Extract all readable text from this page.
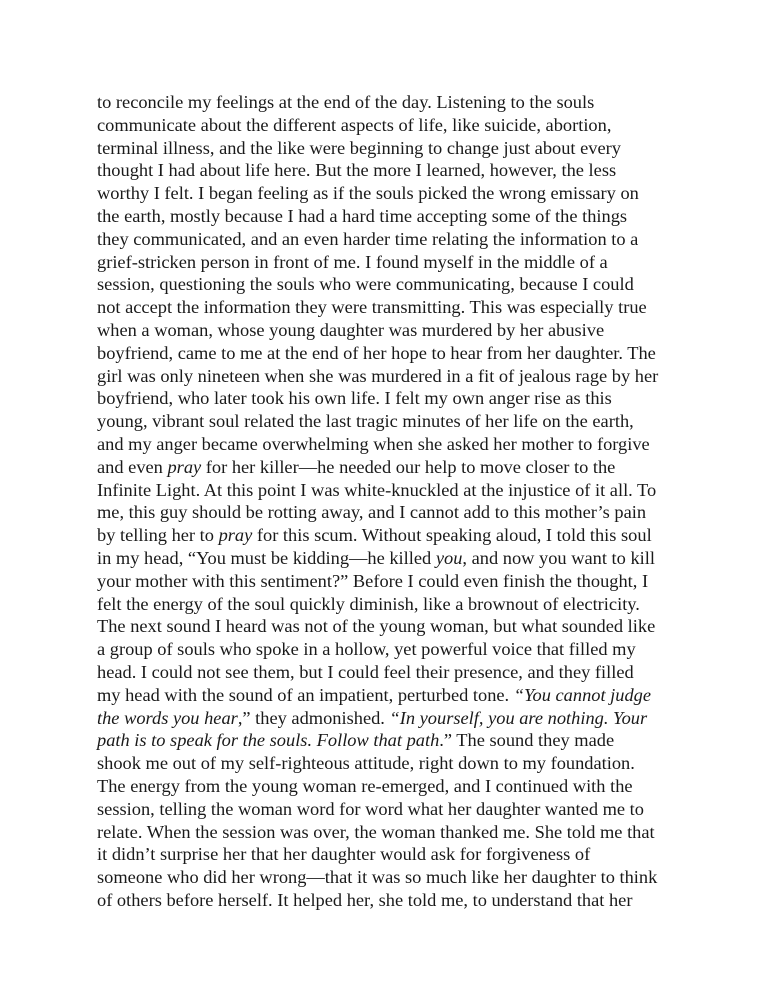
to reconcile my feelings at the end of the day. Listening to the souls
communicate about the different aspects of life, like suicide, abortion,
terminal illness, and the like were beginning to change just about every
thought I had about life here. But the more I learned, however, the less
worthy I felt. I began feeling as if the souls picked the wrong emissary on
the earth, mostly because I had a hard time accepting some of the things
they communicated, and an even harder time relating the information to a
grief-stricken person in front of me. I found myself in the middle of a
session, questioning the souls who were communicating, because I could
not accept the information they were transmitting. This was especially true
when a woman, whose young daughter was murdered by her abusive
boyfriend, came to me at the end of her hope to hear from her daughter. The
girl was only nineteen when she was murdered in a fit of jealous rage by her
boyfriend, who later took his own life. I felt my own anger rise as this
young, vibrant soul related the last tragic minutes of her life on the earth,
and my anger became overwhelming when she asked her mother to forgive
and even pray for her killer—he needed our help to move closer to the
Infinite Light. At this point I was white-knuckled at the injustice of it all. To
me, this guy should be rotting away, and I cannot add to this mother’s pain
by telling her to pray for this scum. Without speaking aloud, I told this soul
in my head, “You must be kidding—he killed you, and now you want to kill
your mother with this sentiment?” Before I could even finish the thought, I
felt the energy of the soul quickly diminish, like a brownout of electricity.
The next sound I heard was not of the young woman, but what sounded like
a group of souls who spoke in a hollow, yet powerful voice that filled my
head. I could not see them, but I could feel their presence, and they filled
my head with the sound of an impatient, perturbed tone. “You cannot judge
the words you hear,” they admonished. “In yourself, you are nothing. Your
path is to speak for the souls. Follow that path.” The sound they made
shook me out of my self-righteous attitude, right down to my foundation.
The energy from the young woman re-emerged, and I continued with the
session, telling the woman word for word what her daughter wanted me to
relate. When the session was over, the woman thanked me. She told me that
it didn’t surprise her that her daughter would ask for forgiveness of
someone who did her wrong—that it was so much like her daughter to think
of others before herself. It helped her, she told me, to understand that her
